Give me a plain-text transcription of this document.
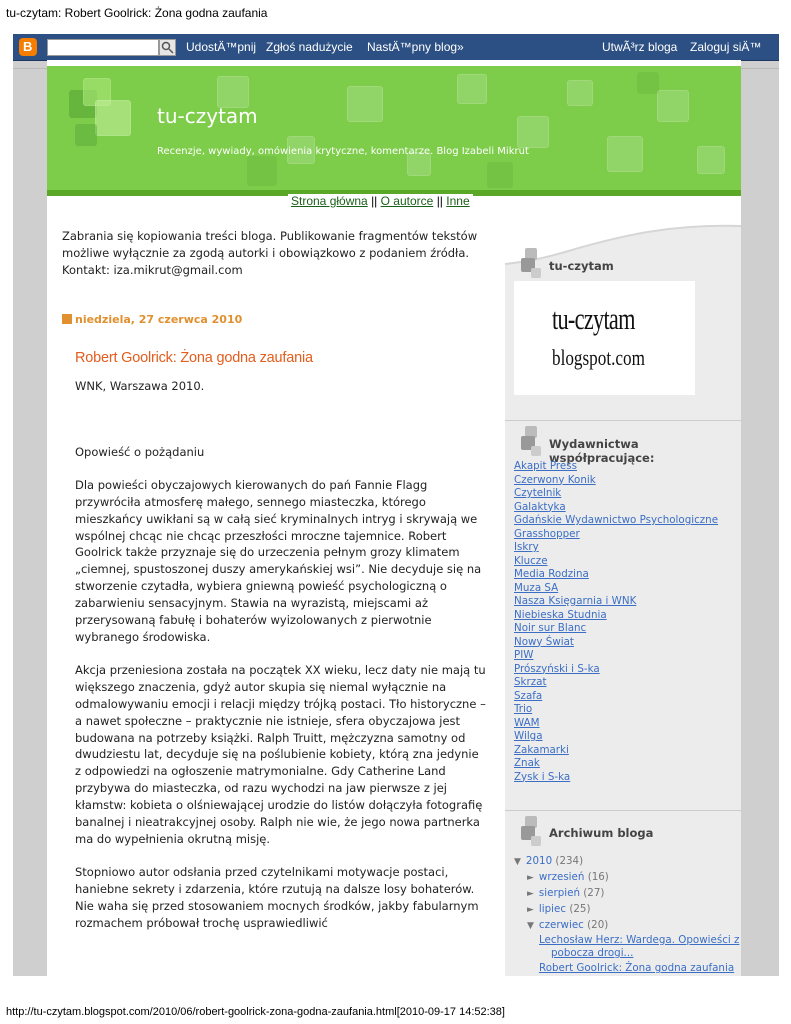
tu-czytam: Robert Goolrick: Żona godna zaufania
B	UdostÄ™pnij Zgłoś nadużycie NastÄ™pny blog»	UtwÃ³rz bloga Zaloguj siÄ™
tu-czytam
Recenzje, wywiady, omówienia krytyczne, komentarze. Blog Izabeli Mikrut
Strona główna || O autorce || Inne
Zabrania się kopiowania treści bloga. Publikowanie fragmentów tekstów możliwe wyłącznie za zgodą autorki i obowiązkowo z podaniem źródła. Kontakt: iza.mikrut@gmail.com
niedziela, 27 czerwca 2010
Robert Goolrick: Żona godna zaufania

WNK, Warszawa 2010.

Opowieść o pożądaniu

Dla powieści obyczajowych kierowanych do pań Fannie Flagg przywróciła atmosferę małego, sennego miasteczka, którego mieszkańcy uwikłani są w całą sieć kryminalnych intryg i skrywają we wspólnej chcąc nie chcąc przeszłości mroczne tajemnice. Robert Goolrick także przyznaje się do urzeczenia pełnym grozy klimatem „ciemnej, spustoszonej duszy amerykańskiej wsi”. Nie decyduje się na stworzenie czytadła, wybiera gniewną powieść psychologiczną o zabarwieniu sensacyjnym. Stawia na wyrazistą, miejscami aż przerysowaną fabułę i bohaterów wyizolowanych z pierwotnie wybranego środowiska.

Akcja przeniesiona została na początek XX wieku, lecz daty nie mają tu większego znaczenia, gdyż autor skupia się niemal wyłącznie na odmalowywaniu emocji i relacji między trójką postaci. Tło historyczne – a nawet społeczne – praktycznie nie istnieje, sfera obyczajowa jest budowana na potrzeby książki. Ralph Truitt, mężczyzna samotny od dwudziestu lat, decyduje się na poślubienie kobiety, którą zna jedynie z odpowiedzi na ogłoszenie matrymonialne. Gdy Catherine Land przybywa do miasteczka, od razu wychodzi na jaw pierwsze z jej kłamstw: kobieta o olśniewającej urodzie do listów dołączyła fotografię banalnej i nieatrakcyjnej osoby. Ralph nie wie, że jego nowa partnerka ma do wypełnienia okrutną misję.

Stopniowo autor odsłania przed czytelnikami motywacje postaci, haniebne sekrety i zdarzenia, które rzutują na dalsze losy bohaterów. Nie waha się przed stosowaniem mocnych środków, jakby fabularnym rozmachem próbował trochę usprawiedliwić

tu-czytam
tu-czytam
blogspot.com
Wydawnictwa współpracujące:
Akapit Press
Czerwony Konik
Czytelnik
Galaktyka
Gdańskie Wydawnictwo Psychologiczne
Grasshopper
Iskry
Klucze
Media Rodzina
Muza SA
Nasza Księgarnia i WNK
Niebieska Studnia
Noir sur Blanc
Nowy Świat
PIW
Prószyński i S-ka
Skrzat
Szafa
Trio
WAM
Wilga
Zakamarki
Znak
Zysk i S-ka
Archiwum bloga
▼ 2010 (234)
► wrzesień (16)
► sierpień (27)
► lipiec (25)
▼ czerwiec (20)
Lechosław Herz: Wardega. Opowieści z
pobocza drogi...
Robert Goolrick: Żona godna zaufania
http://tu-czytam.blogspot.com/2010/06/robert-goolrick-zona-godna-zaufania.html[2010-09-17 14:52:38]
